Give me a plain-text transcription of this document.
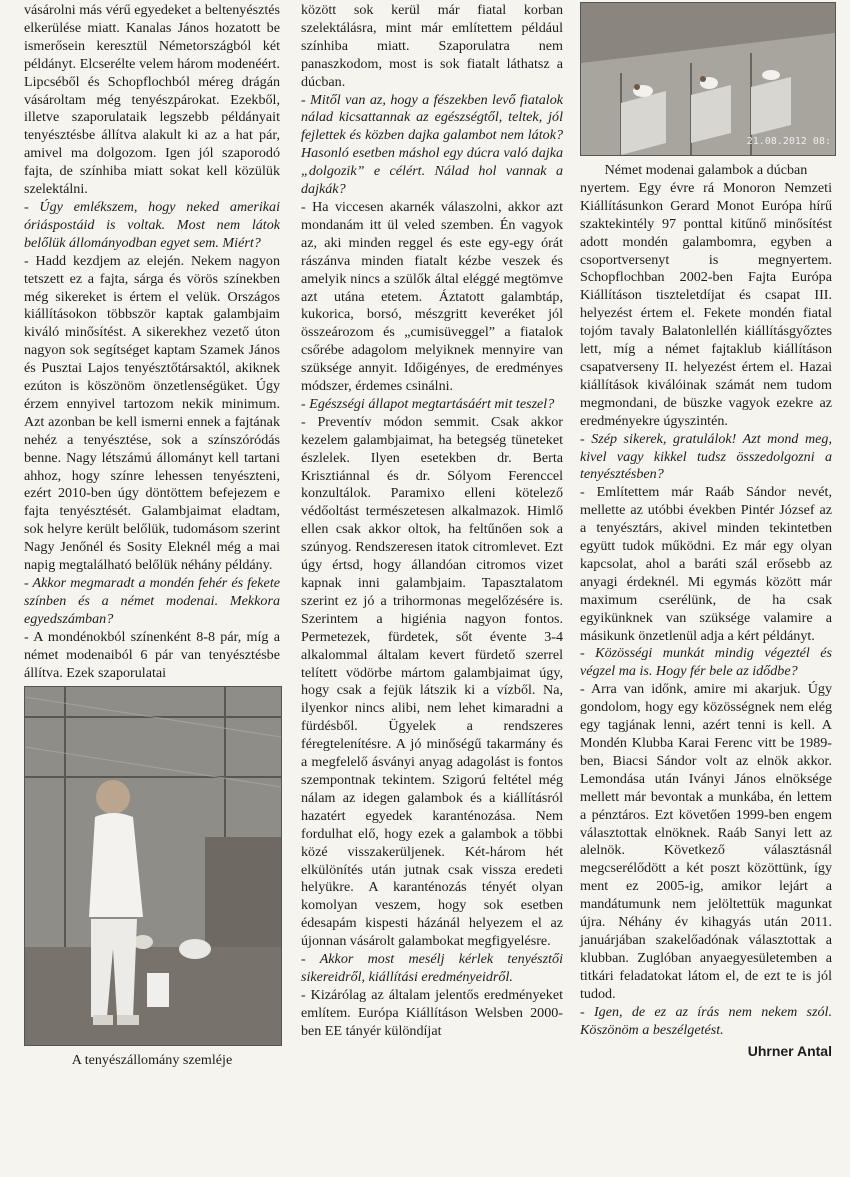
vásárolni más vérű egyedeket a beltenyésztés elkerülése miatt. Kanalas János hozatott be ismerősein keresztül Németországból két példányt. Elcserélte velem három modenéért. Lipcséből és Schopflochból méreg drágán vásároltam még tenyészpárokat. Ezekből, illetve szaporulataik legszebb példányait tenyésztésbe állítva alakult ki az a hat pár, amivel ma dolgozom. Igen jól szaporodó fajta, de színhiba miatt sokat kell közülük szelektálni.

- Úgy emlékszem, hogy neked amerikai óriáspostáid is voltak. Most nem látok belőlük állományodban egyet sem. Miért?

- Hadd kezdjem az elején. Nekem nagyon tetszett ez a fajta, sárga és vörös színekben még sikereket is értem el velük. Országos kiállításokon többször kaptak galambjaim kiváló minősítést. A sikerekhez vezető úton nagyon sok segítséget kaptam Szamek János és Pusztai Lajos tenyésztőtársaktól, akiknek ezúton is köszönöm önzetlenségüket. Úgy érzem ennyivel tartozom nekik minimum. Azt azonban be kell ismerni ennek a fajtának nehéz a tenyésztése, sok a színszóródás benne. Nagy létszámú állományt kell tartani ahhoz, hogy színre lehessen tenyészteni, ezért 2010-ben úgy döntöttem befejezem e fajta tenyésztését. Galambjaimat eladtam, sok helyre került belőlük, tudomásom szerint Nagy Jenőnél és Sosity Eleknél még a mai napig megtalálható belőlük néhány példány.

- Akkor megmaradt a mondén fehér és fekete színben és a német modenai. Mekkora egyedszámban?

- A mondénokból színenként 8-8 pár, míg a német modenaiból 6 pár van tenyésztésbe állítva. Ezek szaporulatai

A tenyészállomány szemléje

között sok kerül már fiatal korban szelektálásra, mint már említettem például színhiba miatt. Szaporulatra nem panaszkodom, most is sok fiatalt láthatsz a dúcban.

- Mitől van az, hogy a fészekben levő fiatalok nálad kicsattannak az egészségtől, teltek, jól fejlettek és közben dajka galambot nem látok? Hasonló esetben máshol egy dúcra való dajka „dolgozik” e célért. Nálad hol vannak a dajkák?

- Ha viccesen akarnék válaszolni, akkor azt mondanám itt ül veled szemben. Én vagyok az, aki minden reggel és este egy-egy órát rászánva minden fiatalt kézbe veszek és amelyik nincs a szülők által eléggé megtömve azt utána etetem. Áztatott galambtáp, kukorica, borsó, mészgritt keveréket jól összeározom és „cumisüveggel” a fiatalok csőrébe adagolom melyiknek mennyire van szüksége annyit. Időigényes, de eredményes módszer, érdemes csinálni.

- Egészségi állapot megtartásáért mit teszel?

- Preventív módon semmit. Csak akkor kezelem galambjaimat, ha betegség tüneteket észlelek. Ilyen esetekben dr. Berta Krisztiánnal és dr. Sólyom Ferenccel konzultálok. Paramixo elleni kötelező védőoltást természetesen alkalmazok. Himlő ellen csak akkor oltok, ha feltűnően sok a szúnyog. Rendszeresen itatok citromlevet. Ezt úgy értsd, hogy állandóan citromos vizet kapnak inni galambjaim. Tapasztalatom szerint ez jó a trihormonas megelőzésére is. Szerintem a higiénia nagyon fontos. Permetezek, fürdetek, sőt évente 3-4 alkalommal általam kevert fürdető szerrel telített vödörbe mártom galambjaimat úgy, hogy csak a fejük látszik ki a vízből. Na, ilyenkor nincs alibi, nem lehet kimaradni a fürdésből. Ügyelek a rendszeres féregtelenítésre. A jó minőségű takarmány és a megfelelő ásványi anyag adagolást is fontos szempontnak tekintem. Szigorú feltétel még nálam az idegen galambok és a kiállításról hazatért egyedek karanténozása. Nem fordulhat elő, hogy ezek a galambok a többi közé visszakerüljenek. Két-három hét elkülönítés után jutnak csak vissza eredeti helyükre. A karanténozás tényét olyan komolyan veszem, hogy sok esetben édesapám kispesti házánál helyezem el az újonnan vásárolt galambokat megfigyelésre.

- Akkor most mesélj kérlek tenyésztői sikereidről, kiállítási eredményeidről.

- Kizárólag az általam jelentős eredményeket említem. Európa Kiállításon Welsben 2000-ben EE tányér különdíjat

21.08.2012 08:
Német modenai galambok a dúcban

nyertem. Egy évre rá Monoron Nemzeti Kiállításunkon Gerard Monot Európa hírű szaktekintély 97 ponttal kitűnő minősítést adott mondén galambomra, egyben a csoportversenyt is megnyertem. Schopflochban 2002-ben Fajta Európa Kiállításon tiszteletdíjat és csapat III. helyezést értem el. Fekete mondén fiatal tojóm tavaly Balatonlellén kiállításgyőztes lett, míg a német fajtaklub kiállításon csapatverseny II. helyezést értem el. Hazai kiállítások kiválóinak számát nem tudom megmondani, de büszke vagyok ezekre az eredményekre úgyszintén.

- Szép sikerek, gratulálok! Azt mond meg, kivel vagy kikkel tudsz összedolgozni a tenyésztésben?

- Említettem már Raáb Sándor nevét, mellette az utóbbi években Pintér József az a tenyésztárs, akivel minden tekintetben együtt tudok működni. Ez már egy olyan kapcsolat, ahol a baráti szál erősebb az anyagi érdeknél. Mi egymás között már maximum cserélünk, de ha csak egyikünknek van szüksége valamire a másikunk önzetlenül adja a kért példányt.

- Közösségi munkát mindig végeztél és végzel ma is. Hogy fér bele az idődbe?

- Arra van időnk, amire mi akarjuk. Úgy gondolom, hogy egy közösségnek nem elég egy tagjának lenni, azért tenni is kell. A Mondén Klubba Karai Ferenc vitt be 1989-ben, Biacsi Sándor volt az elnök akkor. Lemondása után Iványi János elnöksége mellett már bevontak a munkába, én lettem a pénztáros. Ezt követően 1999-ben engem választottak elnöknek. Raáb Sanyi lett az alelnök. Következő választásnál megcserélődött a két poszt közöttünk, így ment ez 2005-ig, amikor lejárt a mandátumunk nem jelöltettük magunkat újra. Néhány év kihagyás után 2011. januárjában szakelőadónak választottak a klubban. Zuglóban anyaegyesületemben a titkári feladatokat látom el, de ezt te is jól tudod.

- Igen, de ez az írás nem nekem szól. Köszönöm a beszélgetést.

Uhrner Antal
